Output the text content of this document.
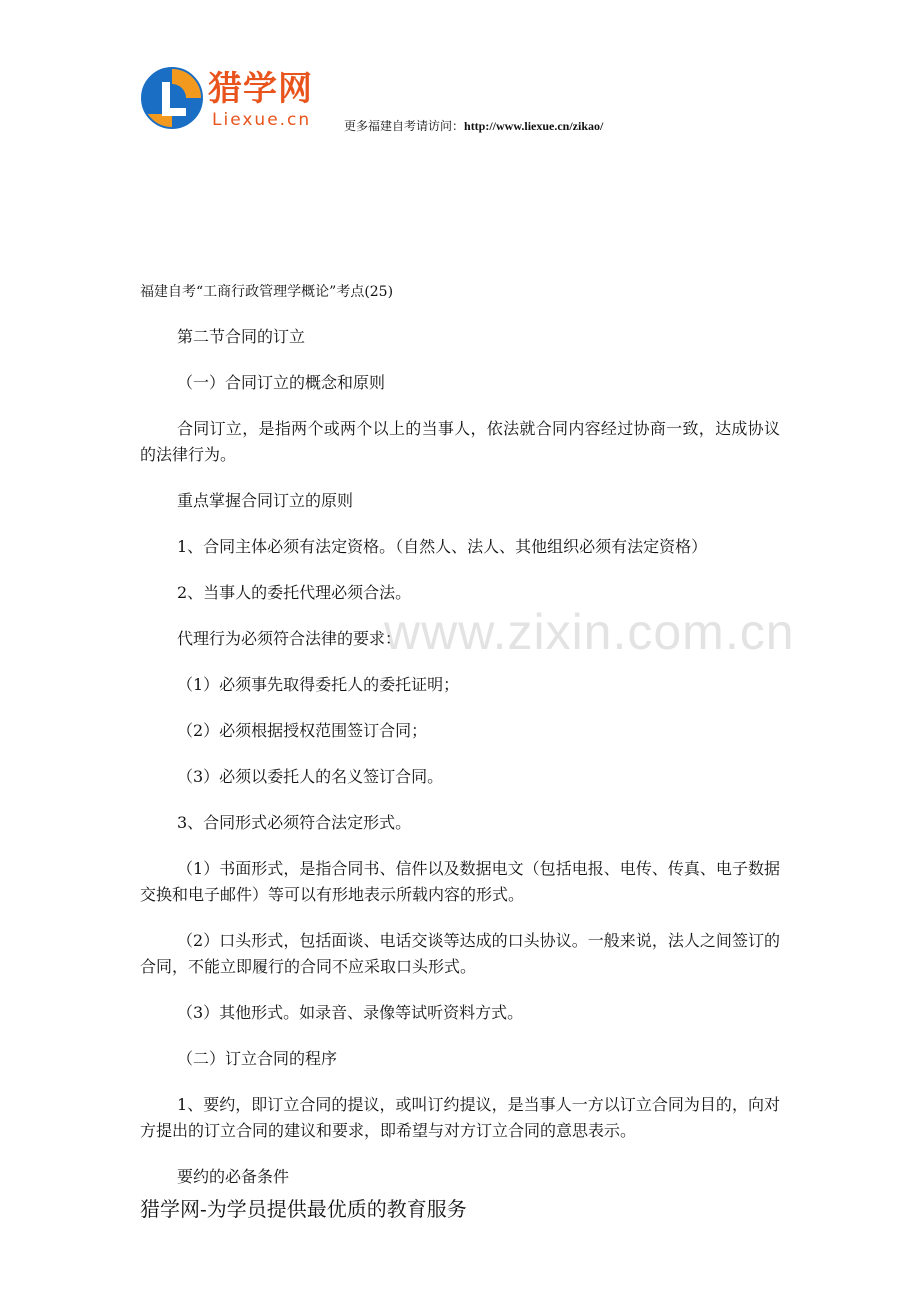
猎学网
Liexue.cn	更多福建自考请访问：http://www.liexue.cn/zikao/
www.zixin.com.cn
福建自考“工商行政管理学概论”考点(25)
第二节合同的订立
（一）合同订立的概念和原则
合同订立，是指两个或两个以上的当事人，依法就合同内容经过协商一致，达成协议的法律行为。
重点掌握合同订立的原则
1、合同主体必须有法定资格。（自然人、法人、其他组织必须有法定资格）
2、当事人的委托代理必须合法。
代理行为必须符合法律的要求：
（1）必须事先取得委托人的委托证明；
（2）必须根据授权范围签订合同；
（3）必须以委托人的名义签订合同。
3、合同形式必须符合法定形式。
（1）书面形式，是指合同书、信件以及数据电文（包括电报、电传、传真、电子数据交换和电子邮件）等可以有形地表示所载内容的形式。
（2）口头形式，包括面谈、电话交谈等达成的口头协议。一般来说，法人之间签订的合同，不能立即履行的合同不应采取口头形式。
（3）其他形式。如录音、录像等试听资料方式。
（二）订立合同的程序
1、要约，即订立合同的提议，或叫订约提议，是当事人一方以订立合同为目的，向对方提出的订立合同的建议和要求，即希望与对方订立合同的意思表示。
要约的必备条件
猎学网-为学员提供最优质的教育服务
